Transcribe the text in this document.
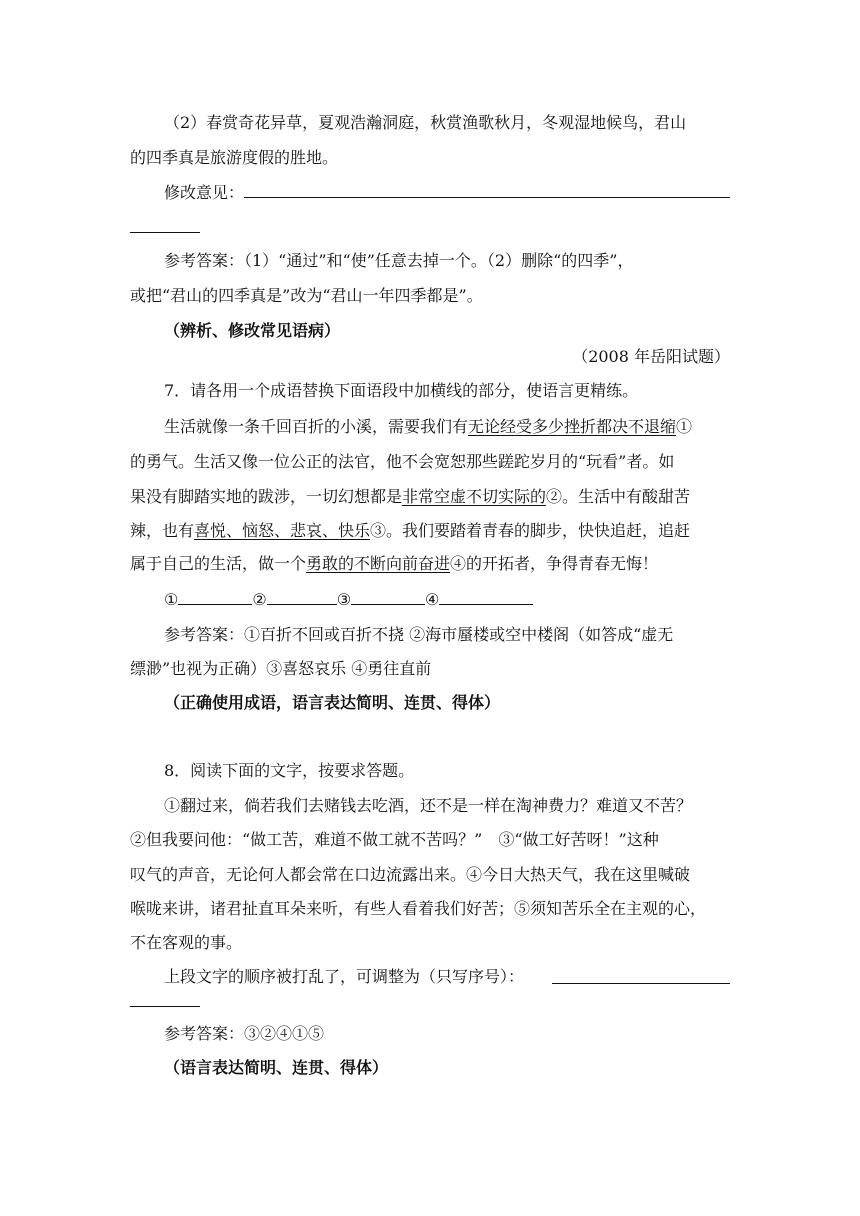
（2）春赏奇花异草，夏观浩瀚洞庭，秋赏渔歌秋月，冬观湿地候鸟，君山
的四季真是旅游度假的胜地。
修改意见：
参考答案：（1）“通过”和“使”任意去掉一个。（2）删除“的四季”，
或把“君山的四季真是”改为“君山一年四季都是”。
（辨析、修改常见语病）
（2008 年岳阳试题）
7．请各用一个成语替换下面语段中加横线的部分，使语言更精练。
生活就像一条千回百折的小溪，需要我们有无论经受多少挫折都决不退缩①
的勇气。生活又像一位公正的法官，他不会宽恕那些蹉跎岁月的“玩看”者。如
果没有脚踏实地的跋涉，一切幻想都是非常空虚不切实际的②。生活中有酸甜苦
辣，也有喜悦、恼怒、悲哀、快乐③。我们要踏着青春的脚步，快快追赶，追赶
属于自己的生活，做一个勇敢的不断向前奋进④的开拓者，争得青春无悔！
①	②	③	④
参考答案：①百折不回或百折不挠 ②海市蜃楼或空中楼阁（如答成“虚无
缥渺”也视为正确）③喜怒哀乐 ④勇往直前
（正确使用成语，语言表达简明、连贯、得体）
8．阅读下面的文字，按要求答题。
①翻过来，倘若我们去赌钱去吃酒，还不是一样在淘神费力？难道又不苦？
②但我要问他：“做工苦，难道不做工就不苦吗？”　③“做工好苦呀！”这种
叹气的声音，无论何人都会常在口边流露出来。④今日大热天气，我在这里喊破
喉咙来讲，诸君扯直耳朵来听，有些人看着我们好苦；⑤须知苦乐全在主观的心，
不在客观的事。
上段文字的顺序被打乱了，可调整为（只写序号）：
参考答案：③②④①⑤
（语言表达简明、连贯、得体）
